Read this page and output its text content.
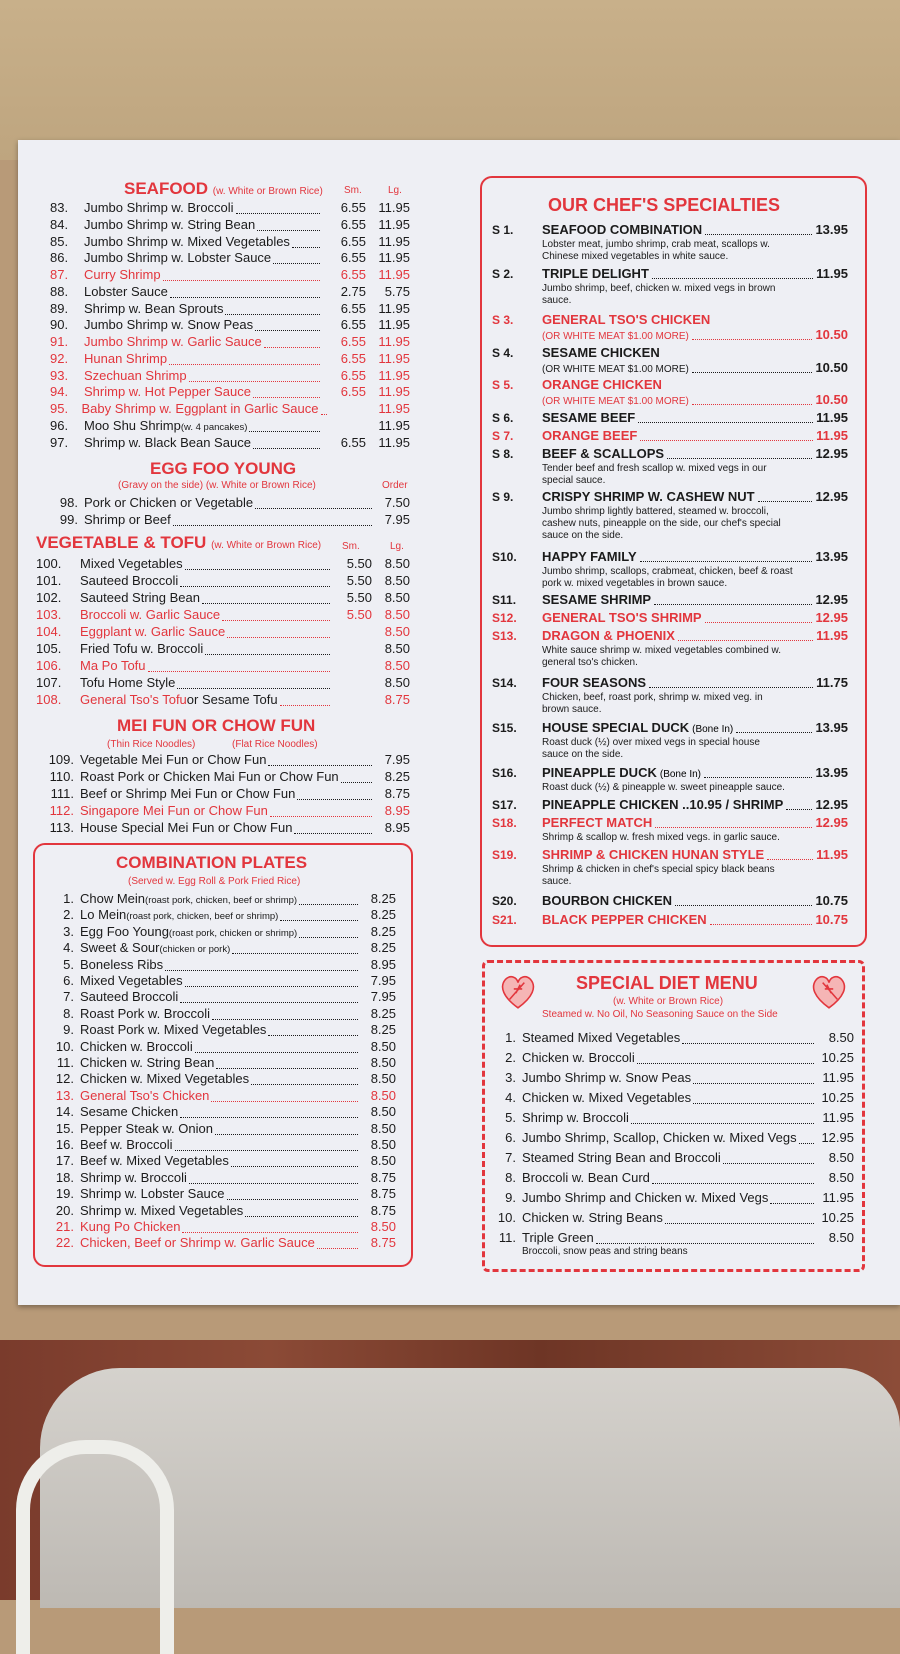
SEAFOOD (w. White or Brown Rice) Sm.	Lg.
83.	Jumbo Shrimp w. Broccoli	6.55 11.95
84.	Jumbo Shrimp w. String Bean	6.55 11.95
85.	Jumbo Shrimp w. Mixed Vegetables	6.55 11.95
86.	Jumbo Shrimp w. Lobster Sauce	6.55 11.95
87.	Curry Shrimp	6.55 11.95
88.	Lobster Sauce	2.75	5.75
89.	Shrimp w. Bean Sprouts	6.55 11.95
90.	Jumbo Shrimp w. Snow Peas	6.55 11.95
91.	Jumbo Shrimp w. Garlic Sauce	6.55 11.95
92.	Hunan Shrimp	6.55 11.95
93.	Szechuan Shrimp	6.55 11.95
94.	Shrimp w. Hot Pepper Sauce	6.55 11.95
95.	Baby Shrimp w. Eggplant in Garlic Sauce	11.95
96.	Moo Shu Shrimp (w. 4 pancakes)	11.95
97.	Shrimp w. Black Bean Sauce	6.55 11.95
EGG FOO YOUNG
(Gravy on the side) (w. White or Brown Rice)	Order
98. Pork or Chicken or Vegetable	7.50
99. Shrimp or Beef	7.95
VEGETABLE & TOFU (w. White or Brown Rice) Sm.	Lg.
100.	Mixed Vegetables	5.50 8.50
101.	Sauteed Broccoli	5.50 8.50
102.	Sauteed String Bean	5.50 8.50
103.	Broccoli w. Garlic Sauce	5.50 8.50
104.	Eggplant w. Garlic Sauce	8.50
105.	Fried Tofu w. Broccoli	8.50
106.	Ma Po Tofu	8.50
107.	Tofu Home Style	8.50
108.	General Tso's Tofu or Sesame Tofu	8.75
MEI FUN OR CHOW FUN
(Thin Rice Noodles)	(Flat Rice Noodles)
109. Vegetable Mei Fun or Chow Fun	7.95
110. Roast Pork or Chicken Mai Fun or Chow Fun	8.25
111. Beef or Shrimp Mei Fun or Chow Fun	8.75
112. Singapore Mei Fun or Chow Fun	8.95
113. House Special Mei Fun or Chow Fun	8.95
COMBINATION PLATES
(Served w. Egg Roll & Pork Fried Rice)
1. Chow Mein (roast pork, chicken, beef or shrimp)	8.25
2. Lo Mein (roast pork, chicken, beef or shrimp)	8.25
3. Egg Foo Young (roast pork, chicken or shrimp)	8.25
4. Sweet & Sour (chicken or pork)	8.25
5. Boneless Ribs	8.95
6. Mixed Vegetables	7.95
7. Sauteed Broccoli	7.95
8. Roast Pork w. Broccoli	8.25
9. Roast Pork w. Mixed Vegetables	8.25
10. Chicken w. Broccoli	8.50
11. Chicken w. String Bean	8.50
12. Chicken w. Mixed Vegetables	8.50
13. General Tso's Chicken	8.50
14. Sesame Chicken	8.50
15. Pepper Steak w. Onion	8.50
16. Beef w. Broccoli	8.50
17. Beef w. Mixed Vegetables	8.50
18. Shrimp w. Broccoli	8.75
19. Shrimp w. Lobster Sauce	8.75
20. Shrimp w. Mixed Vegetables	8.75
21. Kung Po Chicken	8.50
22. Chicken, Beef or Shrimp w. Garlic Sauce	8.75
OUR CHEF'S SPECIALTIES
S 1.	SEAFOOD COMBINATION	13.95
Lobster meat, jumbo shrimp, crab meat, scallops w.
Chinese mixed vegetables in white sauce.
S 2.	TRIPLE DELIGHT	11.95
Jumbo shrimp, beef, chicken w. mixed vegs in brown
sauce.
S 3.	GENERAL TSO'S CHICKEN
(OR WHITE MEAT $1.00 MORE)	10.50
S 4.	SESAME CHICKEN
(OR WHITE MEAT $1.00 MORE)	10.50
S 5.	ORANGE CHICKEN
(OR WHITE MEAT $1.00 MORE)	10.50
S 6.	SESAME BEEF	11.95
S 7.	ORANGE BEEF	11.95
S 8.	BEEF & SCALLOPS	12.95
Tender beef and fresh scallop w. mixed vegs in our
special sauce.
S 9.	CRISPY SHRIMP W. CASHEW NUT	12.95
Jumbo shrimp lightly battered, steamed w. broccoli,
cashew nuts, pineapple on the side, our chef's special
sauce on the side.
S10.	HAPPY FAMILY	13.95
Jumbo shrimp, scallops, crabmeat, chicken, beef & roast
pork w. mixed vegetables in brown sauce.
S11.	SESAME SHRIMP	12.95
S12.	GENERAL TSO'S SHRIMP	12.95
S13.	DRAGON & PHOENIX	11.95
White sauce shrimp w. mixed vegetables combined w.
general tso's chicken.
S14.	FOUR SEASONS	11.75
Chicken, beef, roast pork, shrimp w. mixed veg. in
brown sauce.
S15.	HOUSE SPECIAL DUCK (Bone In)	13.95
Roast duck (½) over mixed vegs in special house
sauce on the side.
S16.	PINEAPPLE DUCK (Bone In)	13.95
Roast duck (½) & pineapple w. sweet pineapple sauce.
S17.	PINEAPPLE CHICKEN ..10.95 / SHRIMP 12.95
S18.	PERFECT MATCH	12.95
Shrimp & scallop w. fresh mixed vegs. in garlic sauce.
S19.	SHRIMP & CHICKEN HUNAN STYLE	11.95
Shrimp & chicken in chef's special spicy black beans
sauce.
S20.	BOURBON CHICKEN	10.75
S21.	BLACK PEPPER CHICKEN	10.75
SPECIAL DIET MENU
(w. White or Brown Rice)
Steamed w. No Oil, No Seasoning Sauce on the Side
1. Steamed Mixed Vegetables	8.50
2. Chicken w. Broccoli	10.25
3. Jumbo Shrimp w. Snow Peas	11.95
4. Chicken w. Mixed Vegetables	10.25
5. Shrimp w. Broccoli	11.95
6. Jumbo Shrimp, Scallop, Chicken w. Mixed Vegs	12.95
7. Steamed String Bean and Broccoli	8.50
8. Broccoli w. Bean Curd	8.50
9. Jumbo Shrimp and Chicken w. Mixed Vegs	11.95
10. Chicken w. String Beans	10.25
11. Triple Green	8.50
Broccoli, snow peas and string beans
